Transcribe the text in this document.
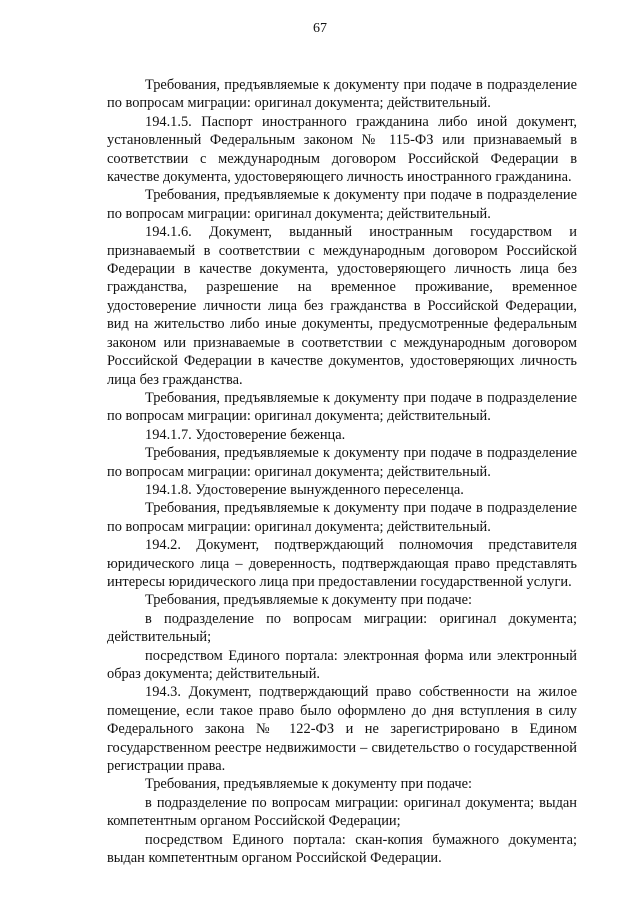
67

Требования, предъявляемые к документу при подаче в подразделение по вопросам миграции: оригинал документа; действительный.

194.1.5. Паспорт иностранного гражданина либо иной документ, установленный Федеральным законом № 115-ФЗ или признаваемый в соответствии с международным договором Российской Федерации в качестве документа, удостоверяющего личность иностранного гражданина.

Требования, предъявляемые к документу при подаче в подразделение по вопросам миграции: оригинал документа; действительный.

194.1.6. Документ, выданный иностранным государством и признаваемый в соответствии с международным договором Российской Федерации в качестве документа, удостоверяющего личность лица без гражданства, разрешение на временное проживание, временное удостоверение личности лица без гражданства в Российской Федерации, вид на жительство либо иные документы, предусмотренные федеральным законом или признаваемые в соответствии с международным договором Российской Федерации в качестве документов, удостоверяющих личность лица без гражданства.

Требования, предъявляемые к документу при подаче в подразделение по вопросам миграции: оригинал документа; действительный.

194.1.7. Удостоверение беженца.

Требования, предъявляемые к документу при подаче в подразделение по вопросам миграции: оригинал документа; действительный.

194.1.8. Удостоверение вынужденного переселенца.

Требования, предъявляемые к документу при подаче в подразделение по вопросам миграции: оригинал документа; действительный.

194.2. Документ, подтверждающий полномочия представителя юридического лица – доверенность, подтверждающая право представлять интересы юридического лица при предоставлении государственной услуги.

Требования, предъявляемые к документу при подаче:

в подразделение по вопросам миграции: оригинал документа; действительный;

посредством Единого портала: электронная форма или электронный образ документа; действительный.

194.3. Документ, подтверждающий право собственности на жилое помещение, если такое право было оформлено до дня вступления в силу Федерального закона № 122-ФЗ и не зарегистрировано в Едином государственном реестре недвижимости – свидетельство о государственной регистрации права.

Требования, предъявляемые к документу при подаче:

в подразделение по вопросам миграции: оригинал документа; выдан компетентным органом Российской Федерации;

посредством Единого портала: скан-копия бумажного документа; выдан компетентным органом Российской Федерации.
